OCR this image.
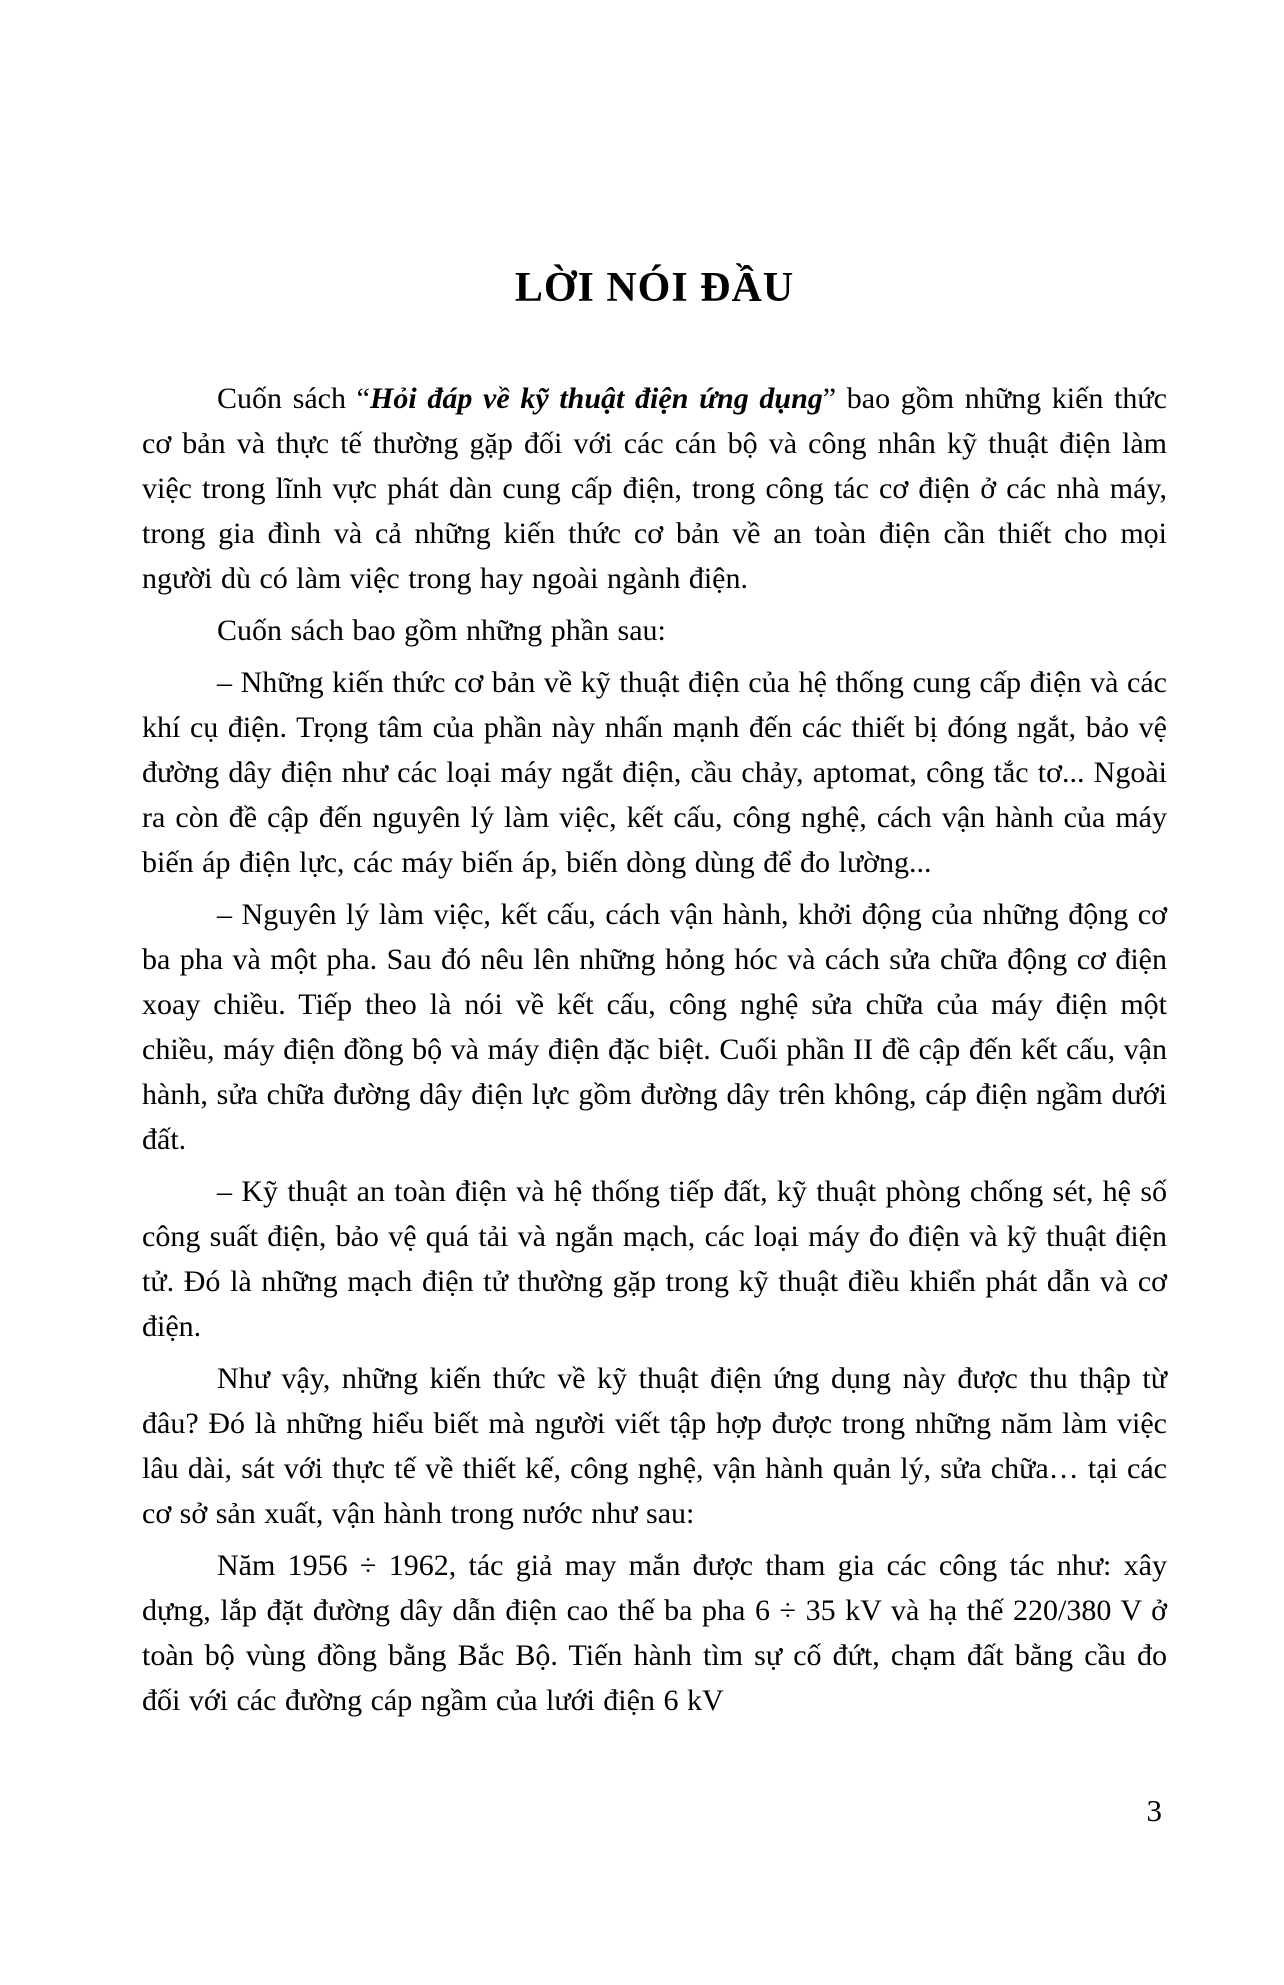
LỜI NÓI ĐẦU

Cuốn sách “Hỏi đáp về kỹ thuật điện ứng dụng” bao gồm những kiến thức cơ bản và thực tế thường gặp đối với các cán bộ và công nhân kỹ thuật điện làm việc trong lĩnh vực phát dàn cung cấp điện, trong công tác cơ điện ở các nhà máy, trong gia đình và cả những kiến thức cơ bản về an toàn điện cần thiết cho mọi người dù có làm việc trong hay ngoài ngành điện.

Cuốn sách bao gồm những phần sau:

– Những kiến thức cơ bản về kỹ thuật điện của hệ thống cung cấp điện và các khí cụ điện. Trọng tâm của phần này nhấn mạnh đến các thiết bị đóng ngắt, bảo vệ đường dây điện như các loại máy ngắt điện, cầu chảy, aptomat, công tắc tơ... Ngoài ra còn đề cập đến nguyên lý làm việc, kết cấu, công nghệ, cách vận hành của máy biến áp điện lực, các máy biến áp, biến dòng dùng để đo lường...

– Nguyên lý làm việc, kết cấu, cách vận hành, khởi động của những động cơ ba pha và một pha. Sau đó nêu lên những hỏng hóc và cách sửa chữa động cơ điện xoay chiều. Tiếp theo là nói về kết cấu, công nghệ sửa chữa của máy điện một chiều, máy điện đồng bộ và máy điện đặc biệt. Cuối phần II đề cập đến kết cấu, vận hành, sửa chữa đường dây điện lực gồm đường dây trên không, cáp điện ngầm dưới đất.

– Kỹ thuật an toàn điện và hệ thống tiếp đất, kỹ thuật phòng chống sét, hệ số công suất điện, bảo vệ quá tải và ngắn mạch, các loại máy đo điện và kỹ thuật điện tử. Đó là những mạch điện tử thường gặp trong kỹ thuật điều khiển phát dẫn và cơ điện.

Như vậy, những kiến thức về kỹ thuật điện ứng dụng này được thu thập từ đâu? Đó là những hiểu biết mà người viết tập hợp được trong những năm làm việc lâu dài, sát với thực tế về thiết kế, công nghệ, vận hành quản lý, sửa chữa… tại các cơ sở sản xuất, vận hành trong nước như sau:

Năm 1956 ÷ 1962, tác giả may mắn được tham gia các công tác như: xây dựng, lắp đặt đường dây dẫn điện cao thế ba pha 6 ÷ 35 kV và hạ thế 220/380 V ở toàn bộ vùng đồng bằng Bắc Bộ. Tiến hành tìm sự cố đứt, chạm đất bằng cầu đo đối với các đường cáp ngầm của lưới điện 6 kV

3
